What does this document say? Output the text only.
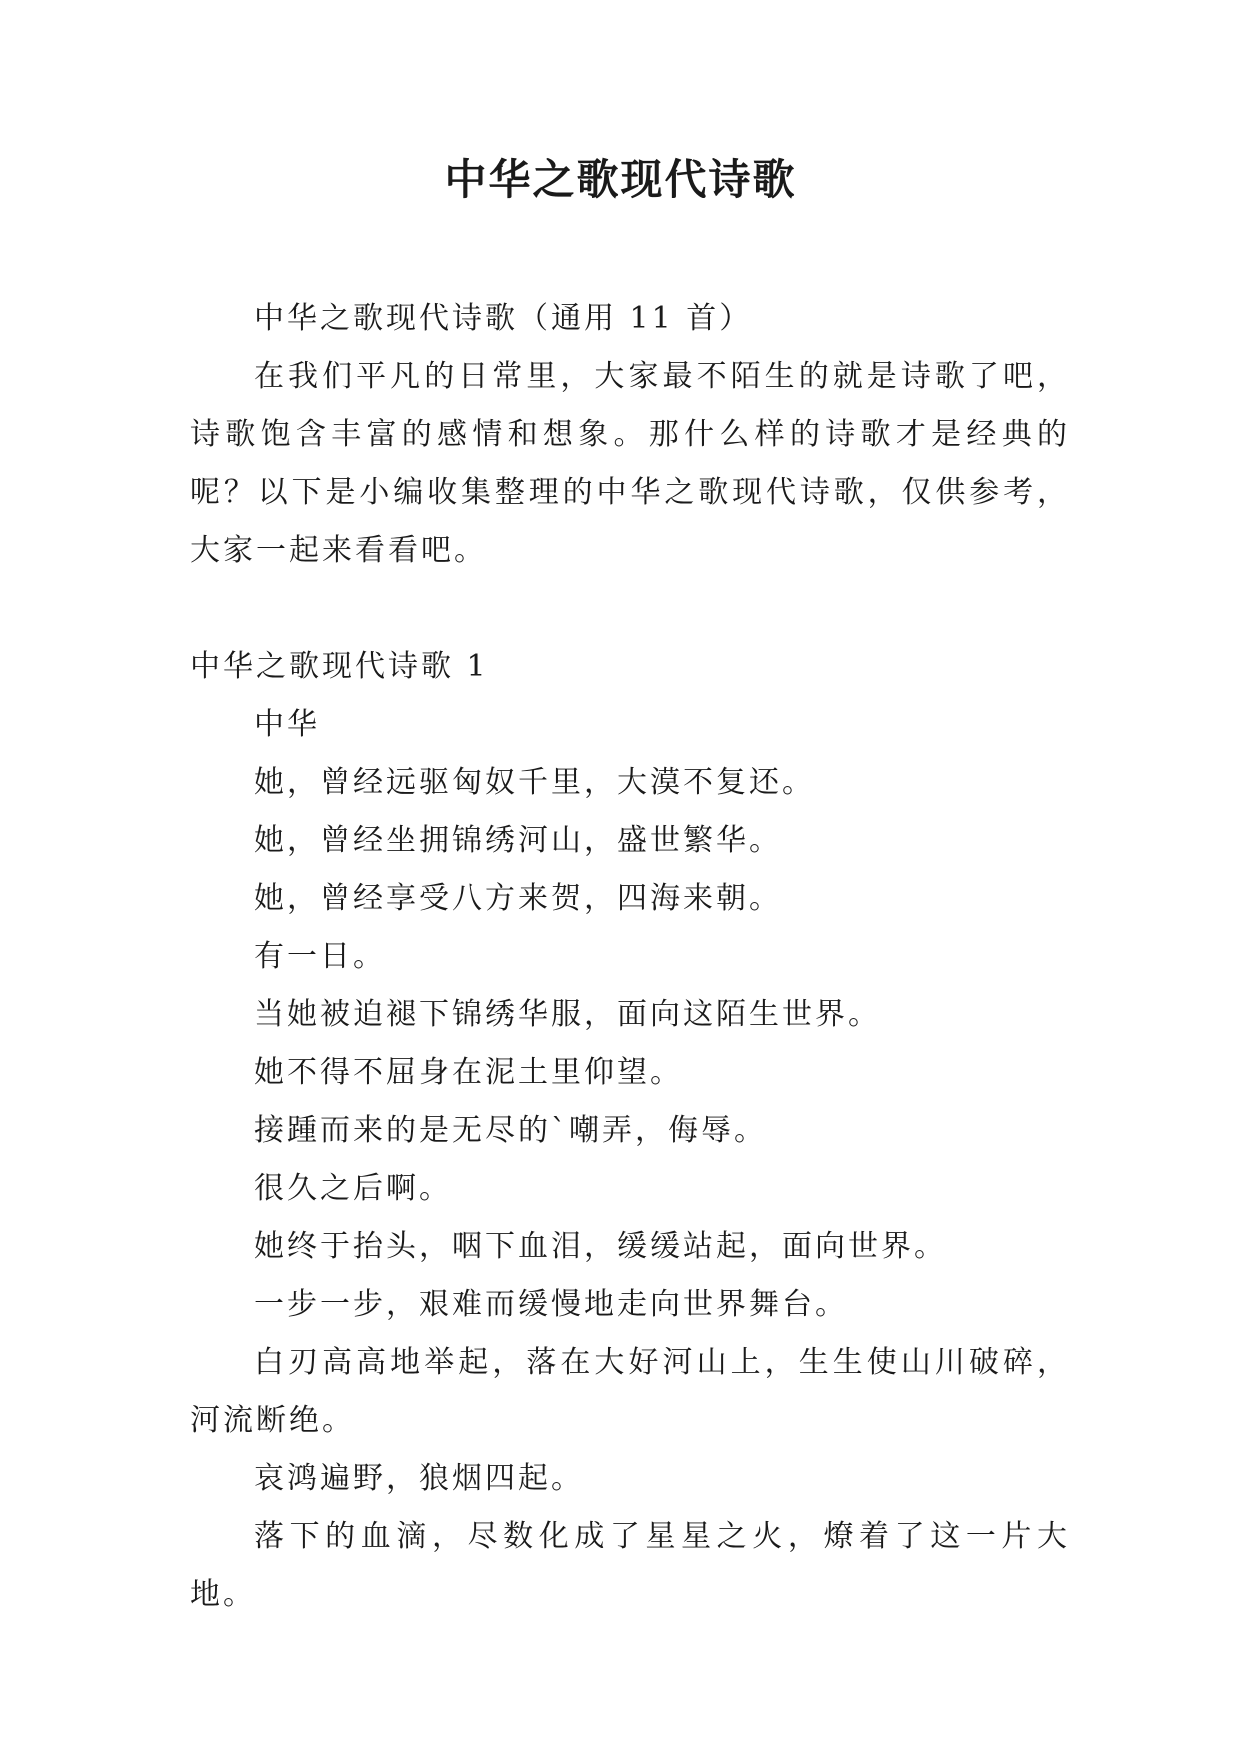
中华之歌现代诗歌

中华之歌现代诗歌（通用 11 首）

在我们平凡的日常里，大家最不陌生的就是诗歌了吧，诗歌饱含丰富的感情和想象。那什么样的诗歌才是经典的呢？以下是小编收集整理的中华之歌现代诗歌，仅供参考，大家一起来看看吧。

中华之歌现代诗歌 1

中华

她，曾经远驱匈奴千里，大漠不复还。

她，曾经坐拥锦绣河山，盛世繁华。

她，曾经享受八方来贺，四海来朝。

有一日。

当她被迫褪下锦绣华服，面向这陌生世界。

她不得不屈身在泥土里仰望。

接踵而来的是无尽的`嘲弄，侮辱。

很久之后啊。

她终于抬头，咽下血泪，缓缓站起，面向世界。

一步一步，艰难而缓慢地走向世界舞台。

白刃高高地举起，落在大好河山上，生生使山川破碎，河流断绝。

哀鸿遍野，狼烟四起。

落下的血滴，尽数化成了星星之火，燎着了这一片大地。
